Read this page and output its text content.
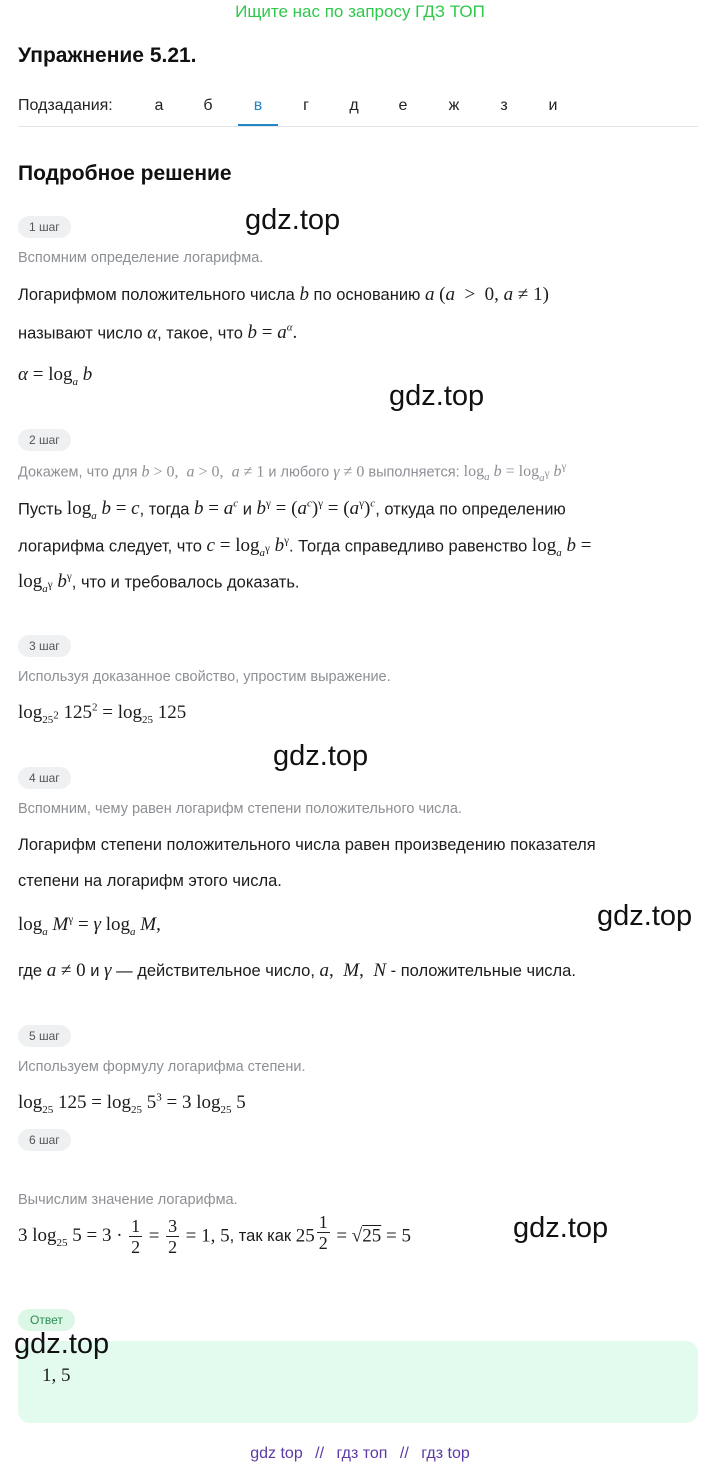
Ищите нас по запросу ГДЗ ТОП
Упражнение 5.21.
Подзадания:	а	б	в	г	д	е	ж	з	и
Подробное решение
gdz.top
gdz.top
gdz.top
gdz.top
gdz.top
gdz.top
1 шаг
Вспомним определение логарифма.
Логарифмом положительного числа b по основанию a (a  >  0, a ≠ 1)
называют число α, такое, что $b = a^\alpha$.
$\alpha = \log_a b$
2 шаг
Докажем, что для b > 0,  a > 0,  a ≠ 1 и любого γ ≠ 0 выполняется: $\log_a b = \log_{a^\gamma} b^\gamma$
Пусть $\log_a b = c$, тогда $b = a^c$ и $b^\gamma = (a^c)^\gamma = (a^\gamma)^c$, откуда по определению
логарифма следует, что $c = \log_{a^\gamma} b^\gamma$. Тогда справедливо равенство $\log_a b$ =
$\log_{a^\gamma} b^\gamma$, что и требовалось доказать.
3 шаг
Используя доказанное свойство, упростим выражение.
$\log_{25^2} 125^2 = \log_{25} 125$
4 шаг
Вспомним, чему равен логарифм степени положительного числа.
Логарифм степени положительного числа равен произведению показателя
степени на логарифм этого числа.
$\log_a M^\gamma = \gamma$ $\log_a M$,
где a ≠ 0 и γ — действительное число, a,  M,  N - положительные числа.
5 шаг
Используем формулу логарифма степени.
$\log_{25} 125 = \log_{25} 5^3 = 3$ $\log_{25} 5$
6 шаг
Вычислим значение логарифма.
3 $\log_{25} 5 = 3 \cdot \frac{1}{2} = \frac{3}{2} = 1$, 5, так как $25 \frac{1}{2} = √25 = 5$
Ответ
1, 5
gdz top // гдз топ // гдз top
